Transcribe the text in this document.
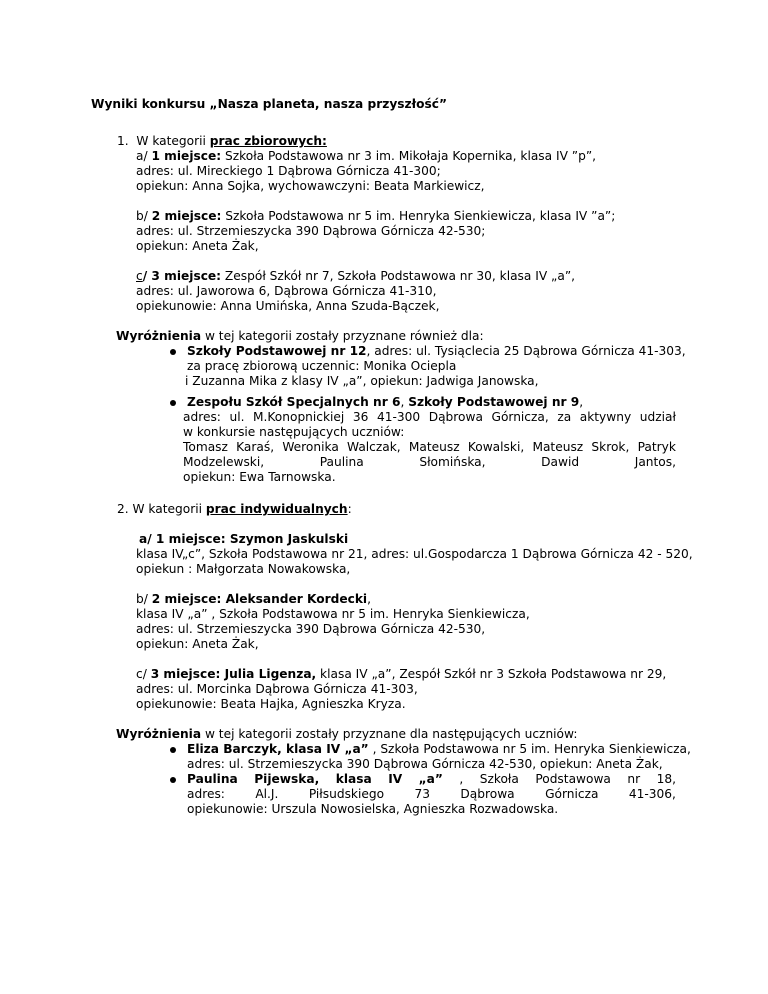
Wyniki konkursu „Nasza planeta, nasza przyszłość”
1. W kategorii prac zbiorowych:
a/ 1 miejsce: Szkoła Podstawowa nr 3 im. Mikołaja Kopernika, klasa IV ”p”,
adres: ul. Mireckiego 1 Dąbrowa Górnicza 41-300;
opiekun: Anna Sojka, wychowawczyni: Beata Markiewicz,
b/ 2 miejsce: Szkoła Podstawowa nr 5 im. Henryka Sienkiewicza, klasa IV ”a”;
adres: ul. Strzemieszycka 390 Dąbrowa Górnicza 42-530;
opiekun: Aneta Żak,
c/ 3 miejsce: Zespół Szkół nr 7, Szkoła Podstawowa nr 30, klasa IV „a”,
adres: ul. Jaworowa 6, Dąbrowa Górnicza 41-310,
opiekunowie: Anna Umińska, Anna Szuda-Bączek,
Wyróżnienia w tej kategorii zostały przyznane również dla:
Szkoły Podstawowej nr 12, adres: ul. Tysiąclecia 25 Dąbrowa Górnicza 41-303,
za pracę zbiorową uczennic: Monika Ociepla
i Zuzanna Mika z klasy IV „a”, opiekun: Jadwiga Janowska,
Zespołu Szkół Specjalnych nr 6, Szkoły Podstawowej nr 9,
adres: ul. M.Konopnickiej 36 41-300 Dąbrowa Górnicza, za aktywny udział
w konkursie następujących uczniów:
Tomasz Karaś, Weronika Walczak, Mateusz Kowalski, Mateusz Skrok, Patryk
Modzelewski,	Paulina	Słomińska,	Dawid	Jantos,
opiekun: Ewa Tarnowska.
2. W kategorii prac indywidualnych:
a/ 1 miejsce: Szymon Jaskulski
klasa IV„c”, Szkoła Podstawowa nr 21, adres: ul.Gospodarcza 1 Dąbrowa Górnicza 42 - 520,
opiekun : Małgorzata Nowakowska,
b/ 2 miejsce: Aleksander Kordecki,
klasa IV „a” , Szkoła Podstawowa nr 5 im. Henryka Sienkiewicza,
adres: ul. Strzemieszycka 390 Dąbrowa Górnicza 42-530,
opiekun: Aneta Żak,
c/ 3 miejsce: Julia Ligenza, klasa IV „a”, Zespół Szkół nr 3 Szkoła Podstawowa nr 29,
adres: ul. Morcinka Dąbrowa Górnicza 41-303,
opiekunowie: Beata Hajka, Agnieszka Kryza.
Wyróżnienia w tej kategorii zostały przyznane dla następujących uczniów:
Eliza Barczyk, klasa IV „a” , Szkoła Podstawowa nr 5 im. Henryka Sienkiewicza,
adres: ul. Strzemieszycka 390 Dąbrowa Górnicza 42-530, opiekun: Aneta Żak,
Paulina Pijewska, klasa IV „a” , Szkoła Podstawowa nr 18,
adres: Al.J. Piłsudskiego 73 Dąbrowa Górnicza 41-306,
opiekunowie: Urszula Nowosielska, Agnieszka Rozwadowska.
